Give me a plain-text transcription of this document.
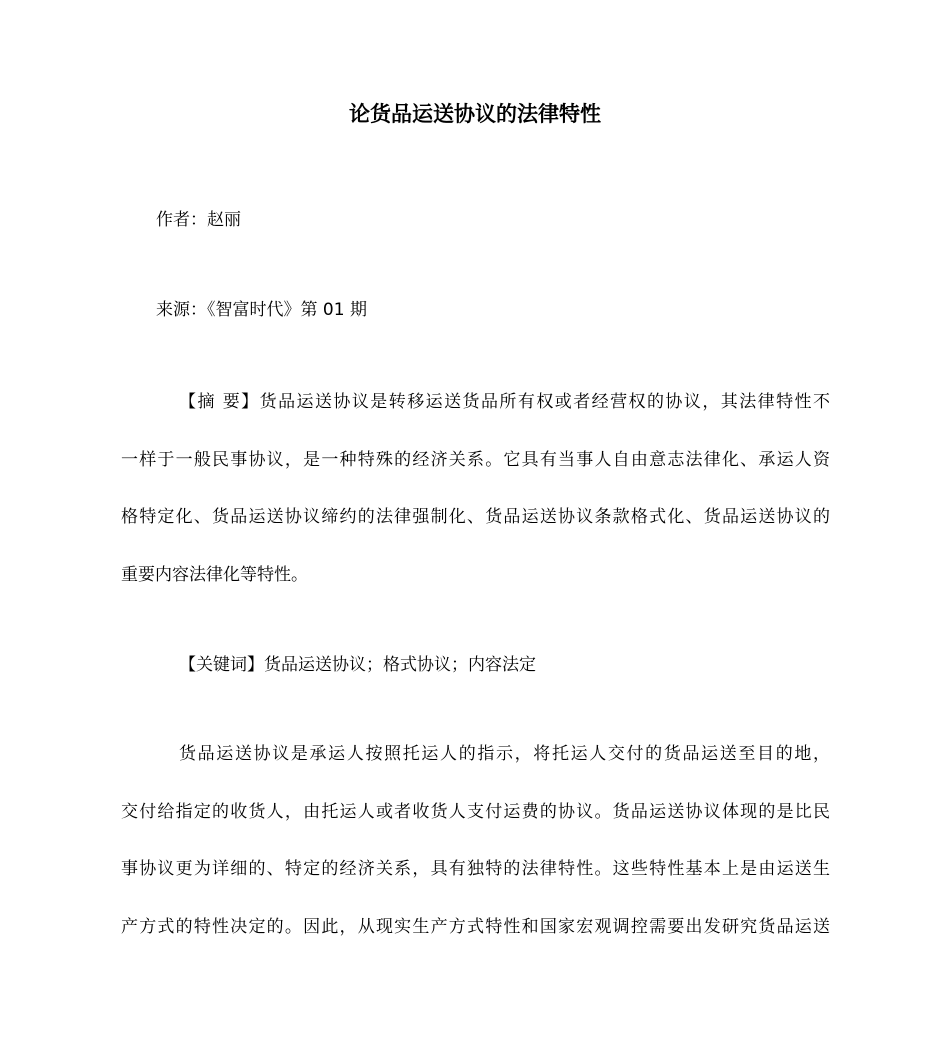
论货品运送协议的法律特性

作者：赵丽

来源：《智富时代》第 01 期

【摘 要】货品运送协议是转移运送货品所有权或者经营权的协议，其法律特性不
一样于一般民事协议，是一种特殊的经济关系。它具有当事人自由意志法律化、承运人资
格特定化、货品运送协议缔约的法律强制化、货品运送协议条款格式化、货品运送协议的
重要内容法律化等特性。
【关键词】货品运送协议；格式协议；内容法定
货品运送协议是承运人按照托运人的指示，将托运人交付的货品运送至目的地，
交付给指定的收货人，由托运人或者收货人支付运费的协议。货品运送协议体现的是比民
事协议更为详细的、特定的经济关系，具有独特的法律特性。这些特性基本上是由运送生
产方式的特性决定的。因此，从现实生产方式特性和国家宏观调控需要出发研究货品运送
